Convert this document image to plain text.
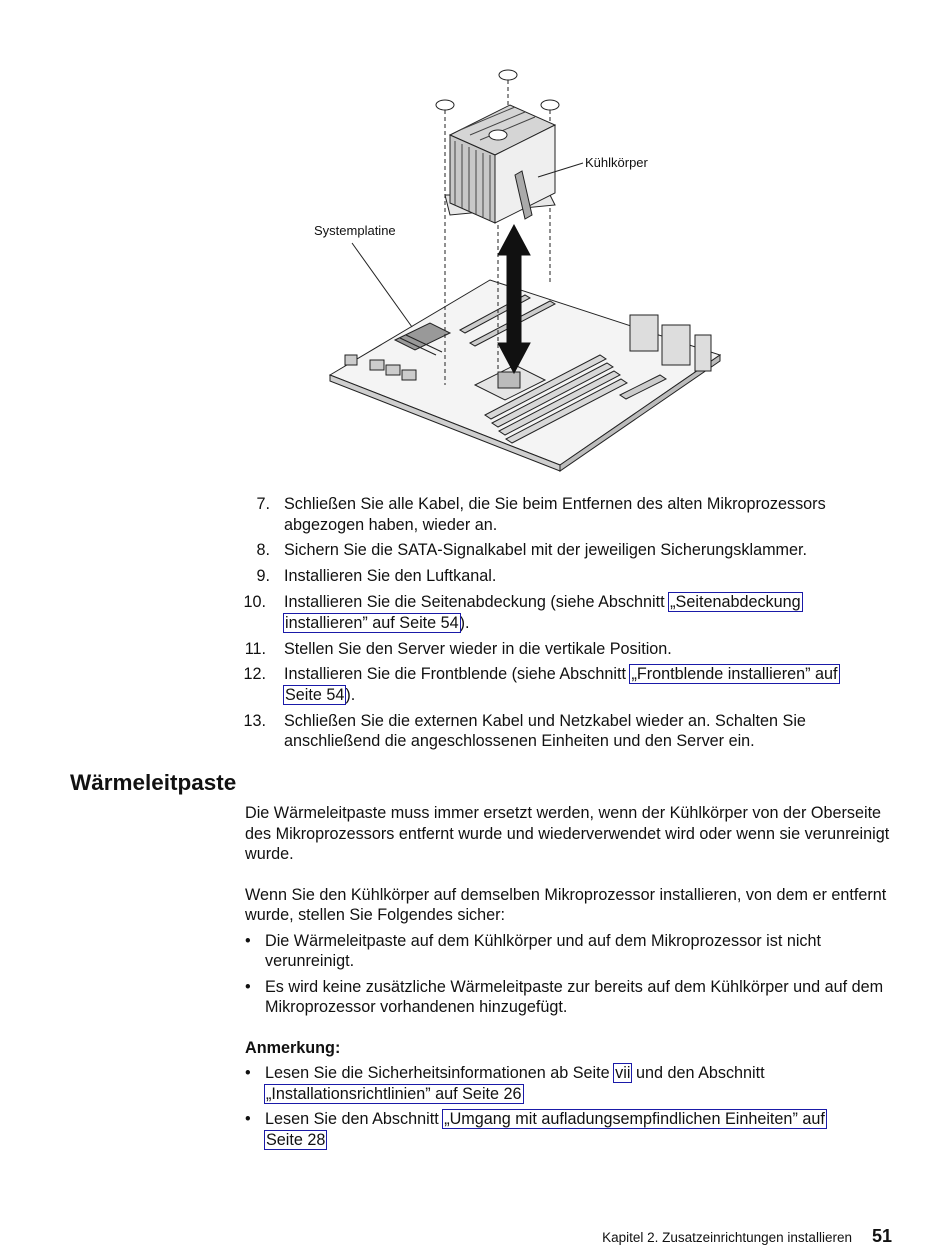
Kühlkörper
Systemplatine
7. Schließen Sie alle Kabel, die Sie beim Entfernen des alten Mikroprozessors abgezogen haben, wieder an.
8. Sichern Sie die SATA-Signalkabel mit der jeweiligen Sicherungsklammer.
9. Installieren Sie den Luftkanal.
10. Installieren Sie die Seitenabdeckung (siehe Abschnitt „Seitenabdeckung
installieren” auf Seite 54).
11. Stellen Sie den Server wieder in die vertikale Position.
12. Installieren Sie die Frontblende (siehe Abschnitt „Frontblende installieren” auf
Seite 54).
13. Schließen Sie die externen Kabel und Netzkabel wieder an. Schalten Sie anschließend die angeschlossenen Einheiten und den Server ein.
Wärmeleitpaste

Die Wärmeleitpaste muss immer ersetzt werden, wenn der Kühlkörper von der Oberseite des Mikroprozessors entfernt wurde und wiederverwendet wird oder wenn sie verunreinigt wurde.

Wenn Sie den Kühlkörper auf demselben Mikroprozessor installieren, von dem er entfernt wurde, stellen Sie Folgendes sicher:

• Die Wärmeleitpaste auf dem Kühlkörper und auf dem Mikroprozessor ist nicht verunreinigt.
• Es wird keine zusätzliche Wärmeleitpaste zur bereits auf dem Kühlkörper und auf dem Mikroprozessor vorhandenen hinzugefügt.
Anmerkung:
• Lesen Sie die Sicherheitsinformationen ab Seite vii und den Abschnitt
„Installationsrichtlinien” auf Seite 26
• Lesen Sie den Abschnitt „Umgang mit aufladungsempfindlichen Einheiten” auf
Seite 28
Kapitel 2. Zusatzeinrichtungen installieren 51
